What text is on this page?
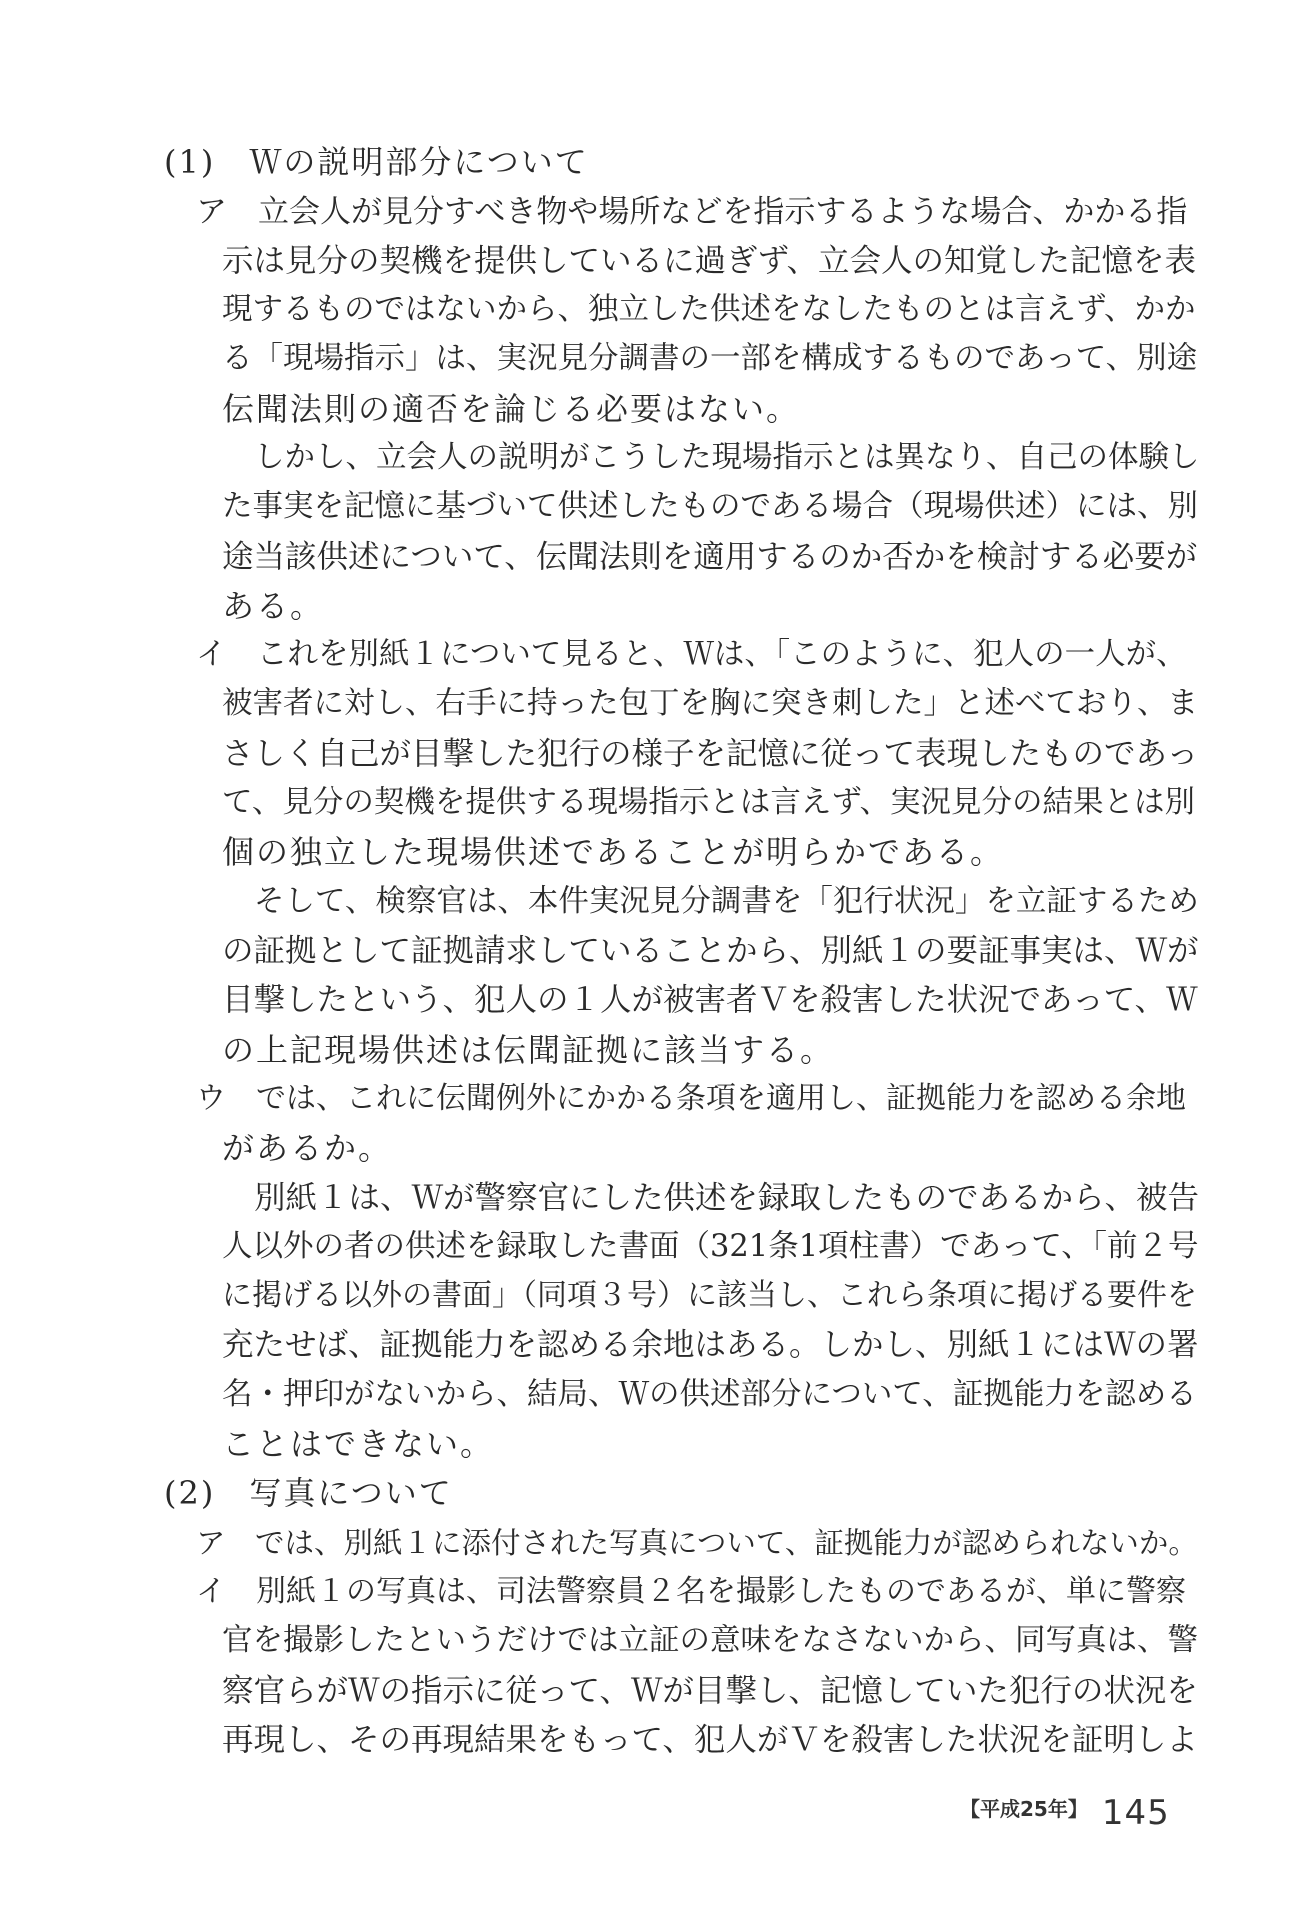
(1)　Ｗの説明部分について
ア　立会人が見分すべき物や場所などを指示するような場合、かかる指
示は見分の契機を提供しているに過ぎず、立会人の知覚した記憶を表
現するものではないから、独立した供述をなしたものとは言えず、かか
る「現場指示」は、実況見分調書の一部を構成するものであって、別途
伝聞法則の適否を論じる必要はない。
しかし、立会人の説明がこうした現場指示とは異なり、自己の体験し
た事実を記憶に基づいて供述したものである場合（現場供述）には、別
途当該供述について、伝聞法則を適用するのか否かを検討する必要が
ある。
イ　これを別紙１について見ると、Ｗは、「このように、犯人の一人が、
被害者に対し、右手に持った包丁を胸に突き刺した」と述べており、ま
さしく自己が目撃した犯行の様子を記憶に従って表現したものであっ
て、見分の契機を提供する現場指示とは言えず、実況見分の結果とは別
個の独立した現場供述であることが明らかである。
そして、検察官は、本件実況見分調書を「犯行状況」を立証するため
の証拠として証拠請求していることから、別紙１の要証事実は、Ｗが
目撃したという、犯人の１人が被害者Ｖを殺害した状況であって、Ｗ
の上記現場供述は伝聞証拠に該当する。
ウ　では、これに伝聞例外にかかる条項を適用し、証拠能力を認める余地
があるか。
別紙１は、Ｗが警察官にした供述を録取したものであるから、被告
人以外の者の供述を録取した書面（321条1項柱書）であって、「前２号
に掲げる以外の書面」（同項３号）に該当し、これら条項に掲げる要件を
充たせば、証拠能力を認める余地はある。しかし、別紙１にはＷの署
名・押印がないから、結局、Ｗの供述部分について、証拠能力を認める
ことはできない。
(2)　写真について
ア　では、別紙１に添付された写真について、証拠能力が認められないか。
イ　別紙１の写真は、司法警察員２名を撮影したものであるが、単に警察
官を撮影したというだけでは立証の意味をなさないから、同写真は、警
察官らがＷの指示に従って、Ｗが目撃し、記憶していた犯行の状況を
再現し、その再現結果をもって、犯人がＶを殺害した状況を証明しよ
【平成25年】 145
